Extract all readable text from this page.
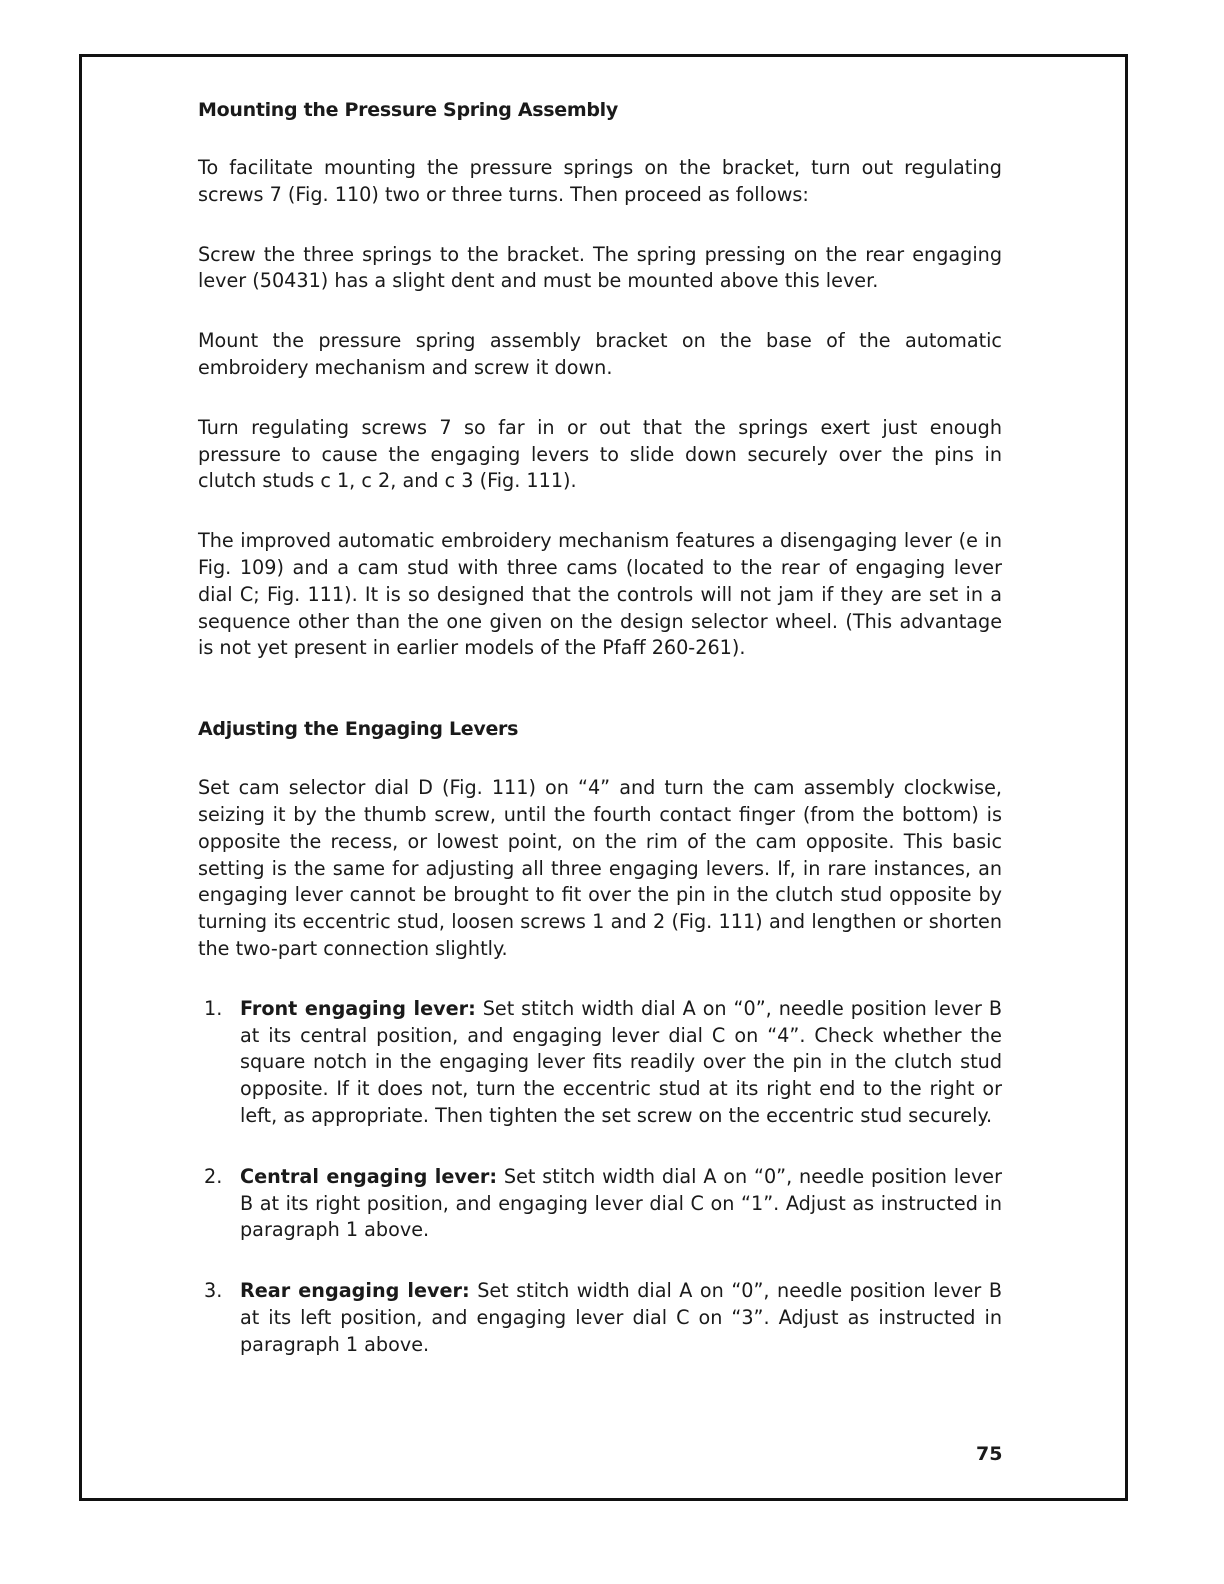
Mounting the Pressure Spring Assembly

To facilitate mounting the pressure springs on the bracket, turn out regulating screws 7 (Fig. 110) two or three turns. Then proceed as follows:

Screw the three springs to the bracket. The spring pressing on the rear engaging lever (50431) has a slight dent and must be mounted above this lever.

Mount the pressure spring assembly bracket on the base of the automatic embroidery mechanism and screw it down.

Turn regulating screws 7 so far in or out that the springs exert just enough pressure to cause the engaging levers to slide down securely over the pins in clutch studs c 1, c 2, and c 3 (Fig. 111).

The improved automatic embroidery mechanism features a disengaging lever (e in Fig. 109) and a cam stud with three cams (located to the rear of engaging lever dial C; Fig. 111). It is so designed that the controls will not jam if they are set in a sequence other than the one given on the design selector wheel. (This advantage is not yet present in earlier models of the Pfaff 260-261).

Adjusting the Engaging Levers

Set cam selector dial D (Fig. 111) on “4” and turn the cam assembly clockwise, seizing it by the thumb screw, until the fourth contact finger (from the bottom) is opposite the recess, or lowest point, on the rim of the cam opposite. This basic setting is the same for adjusting all three engaging levers. If, in rare instances, an engaging lever cannot be brought to fit over the pin in the clutch stud opposite by turning its eccentric stud, loosen screws 1 and 2 (Fig. 111) and lengthen or shorten the two-part connection slightly.

1. Front engaging lever: Set stitch width dial A on “0”, needle position lever B at its central position, and engaging lever dial C on “4”. Check whether the square notch in the engaging lever fits readily over the pin in the clutch stud opposite. If it does not, turn the eccentric stud at its right end to the right or left, as appropriate. Then tighten the set screw on the eccentric stud securely.

2. Central engaging lever: Set stitch width dial A on “0”, needle position lever B at its right position, and engaging lever dial C on “1”. Adjust as instructed in paragraph 1 above.

3. Rear engaging lever: Set stitch width dial A on “0”, needle position lever B at its left position, and engaging lever dial C on “3”. Adjust as instructed in paragraph 1 above.

75
